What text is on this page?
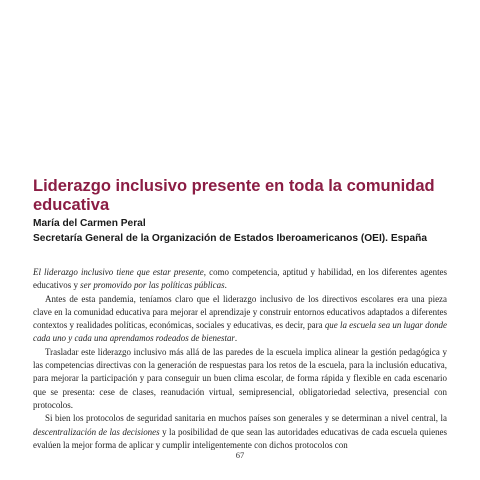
Liderazgo inclusivo presente en toda la comunidad educativa
María del Carmen Peral
Secretaría General de la Organización de Estados Iberoamericanos (OEI). España

El liderazgo inclusivo tiene que estar presente, como competencia, aptitud y habilidad, en los diferentes agentes educativos y ser promovido por las políticas públicas.

Antes de esta pandemia, teníamos claro que el liderazgo inclusivo de los directivos escolares era una pieza clave en la comunidad educativa para mejorar el aprendizaje y construir entornos educativos adaptados a diferentes contextos y realidades políticas, económicas, sociales y educativas, es decir, para que la escuela sea un lugar donde cada uno y cada una aprendamos rodeados de bienestar.

Trasladar este liderazgo inclusivo más allá de las paredes de la escuela implica alinear la gestión pedagógica y las competencias directivas con la generación de respuestas para los retos de la escuela, para la inclusión educativa, para mejorar la participación y para conseguir un buen clima escolar, de forma rápida y flexible en cada escenario que se presenta: cese de clases, reanudación virtual, semipresencial, obligatoriedad selectiva, presencial con protocolos.

Si bien los protocolos de seguridad sanitaria en muchos países son generales y se determinan a nivel central, la descentralización de las decisiones y la posibilidad de que sean las autoridades educativas de cada escuela quienes evalúen la mejor forma de aplicar y cumplir inteligentemente con dichos protocolos con

67
